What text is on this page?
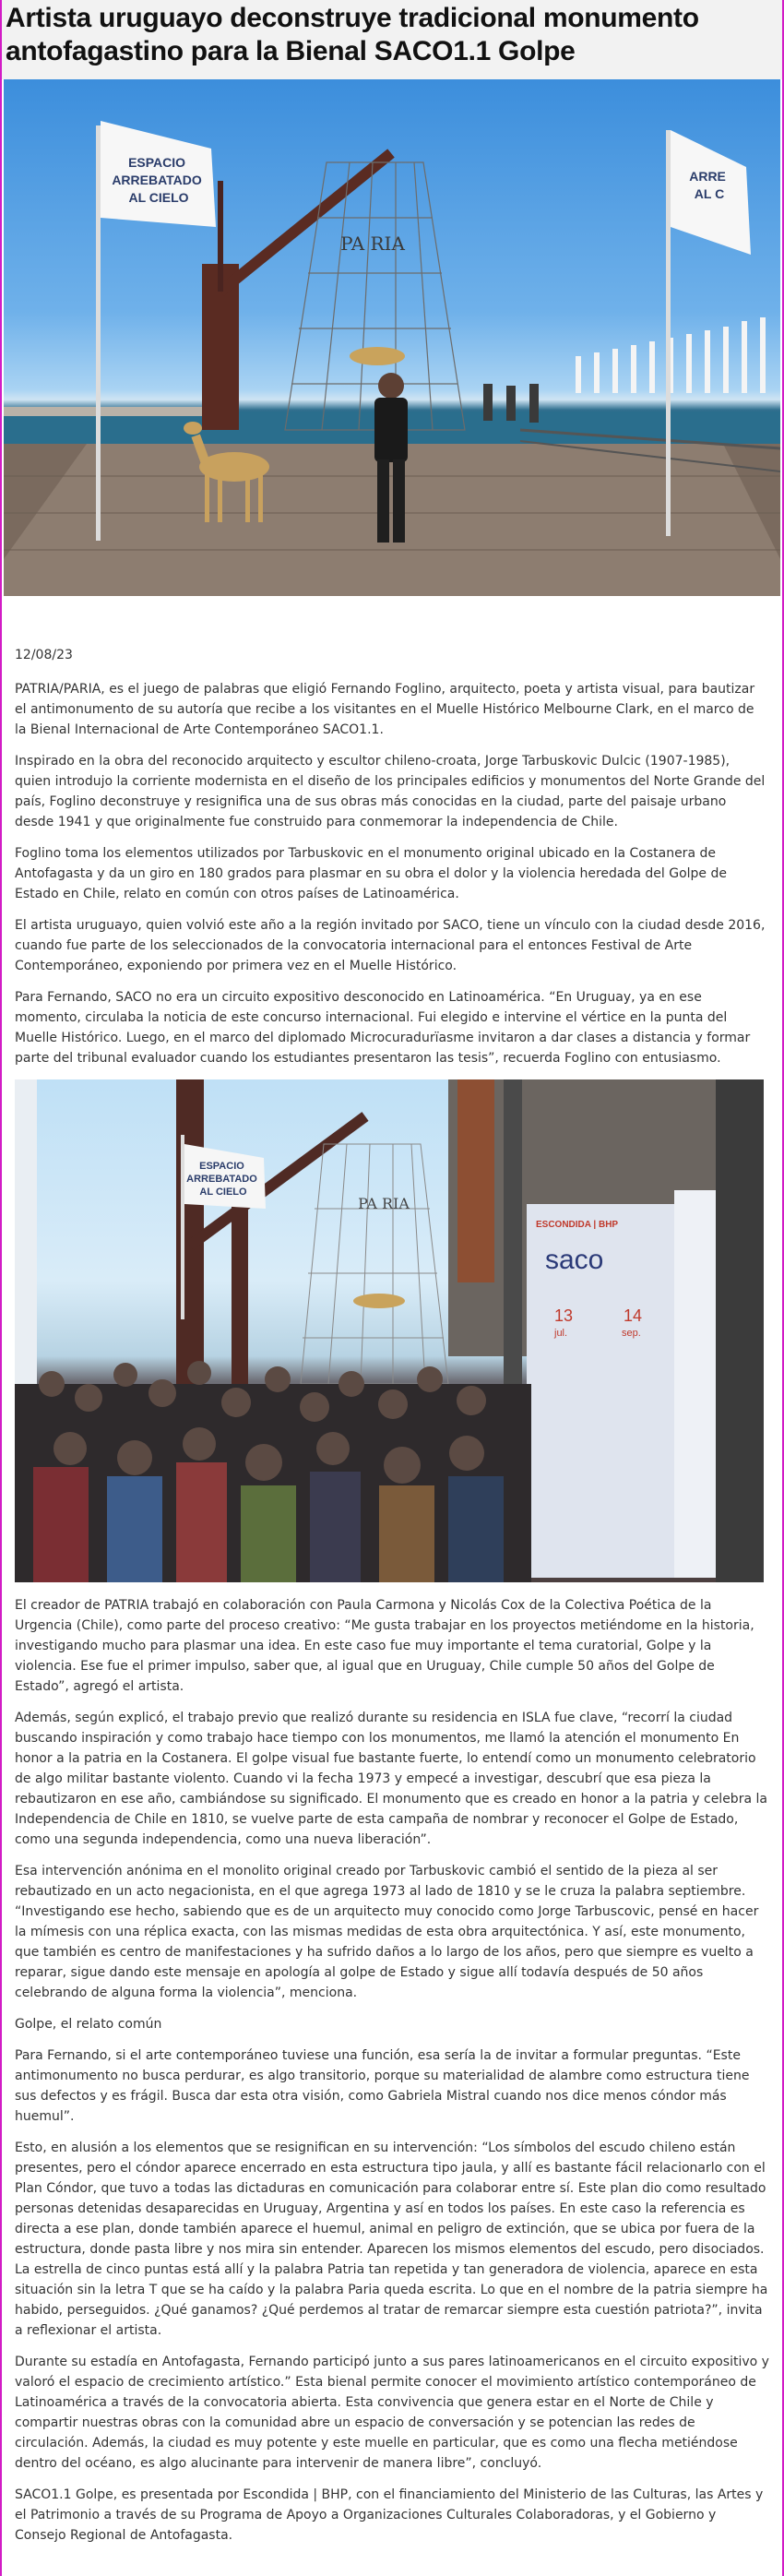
Artista uruguayo deconstruye tradicional monumento antofagastino para la Bienal SACO1.1 Golpe
PA RIA
ESPACIO ARREBATADO AL CIELO
ARRE AL C
12/08/23

PATRIA/PARIA, es el juego de palabras que eligió Fernando Foglino, arquitecto, poeta y artista visual, para bautizar el antimonumento de su autoría que recibe a los visitantes en el Muelle Histórico Melbourne Clark, en el marco de la Bienal Internacional de Arte Contemporáneo SACO1.1.

Inspirado en la obra del reconocido arquitecto y escultor chileno-croata, Jorge Tarbuskovic Dulcic (1907-1985), quien introdujo la corriente modernista en el diseño de los principales edificios y monumentos del Norte Grande del país, Foglino deconstruye y resignifica una de sus obras más conocidas en la ciudad, parte del paisaje urbano desde 1941 y que originalmente fue construido para conmemorar la independencia de Chile.

Foglino toma los elementos utilizados por Tarbuskovic en el monumento original ubicado en la Costanera de Antofagasta y da un giro en 180 grados para plasmar en su obra el dolor y la violencia heredada del Golpe de Estado en Chile, relato en común con otros países de Latinoamérica.

El artista uruguayo, quien volvió este año a la región invitado por SACO, tiene un vínculo con la ciudad desde 2016, cuando fue parte de los seleccionados de la convocatoria internacional para el entonces Festival de Arte Contemporáneo, exponiendo por primera vez en el Muelle Histórico.

Para Fernando, SACO no era un circuito expositivo desconocido en Latinoamérica. “En Uruguay, ya en ese momento, circulaba la noticia de este concurso internacional. Fui elegido e intervine el vértice en la punta del Muelle Histórico. Luego, en el marco del diplomado Microcuradurïasme invitaron a dar clases a distancia y formar parte del tribunal evaluador cuando los estudiantes presentaron las tesis”, recuerda Foglino con entusiasmo.

PA RIA
ESPACIO ARREBATADO AL CIELO
ESCONDIDA | BHP
saco
13
jul.
14
sep.

El creador de PATRIA trabajó en colaboración con Paula Carmona y Nicolás Cox de la Colectiva Poética de la Urgencia (Chile), como parte del proceso creativo: “Me gusta trabajar en los proyectos metiéndome en la historia, investigando mucho para plasmar una idea. En este caso fue muy importante el tema curatorial, Golpe y la violencia. Ese fue el primer impulso, saber que, al igual que en Uruguay, Chile cumple 50 años del Golpe de Estado”, agregó el artista.

Además, según explicó, el trabajo previo que realizó durante su residencia en ISLA fue clave, “recorrí la ciudad buscando inspiración y como trabajo hace tiempo con los monumentos, me llamó la atención el monumento En honor a la patria en la Costanera. El golpe visual fue bastante fuerte, lo entendí como un monumento celebratorio de algo militar bastante violento. Cuando vi la fecha 1973 y empecé a investigar, descubrí que esa pieza la rebautizaron en ese año, cambiándose su significado. El monumento que es creado en honor a la patria y celebra la Independencia de Chile en 1810, se vuelve parte de esta campaña de nombrar y reconocer el Golpe de Estado, como una segunda independencia, como una nueva liberación”.

Esa intervención anónima en el monolito original creado por Tarbuskovic cambió el sentido de la pieza al ser rebautizado en un acto negacionista, en el que agrega 1973 al lado de 1810 y se le cruza la palabra septiembre. “Investigando ese hecho, sabiendo que es de un arquitecto muy conocido como Jorge Tarbuscovic, pensé en hacer la mímesis con una réplica exacta, con las mismas medidas de esta obra arquitectónica. Y así, este monumento, que también es centro de manifestaciones y ha sufrido daños a lo largo de los años, pero que siempre es vuelto a reparar, sigue dando este mensaje en apología al golpe de Estado y sigue allí todavía después de 50 años celebrando de alguna forma la violencia”, menciona.

Golpe, el relato común

Para Fernando, si el arte contemporáneo tuviese una función, esa sería la de invitar a formular preguntas. “Este antimonumento no busca perdurar, es algo transitorio, porque su materialidad de alambre como estructura tiene sus defectos y es frágil. Busca dar esta otra visión, como Gabriela Mistral cuando nos dice menos cóndor más huemul”.

Esto, en alusión a los elementos que se resignifican en su intervención: “Los símbolos del escudo chileno están presentes, pero el cóndor aparece encerrado en esta estructura tipo jaula, y allí es bastante fácil relacionarlo con el Plan Cóndor, que tuvo a todas las dictaduras en comunicación para colaborar entre sí. Este plan dio como resultado personas detenidas desaparecidas en Uruguay, Argentina y así en todos los países. En este caso la referencia es directa a ese plan, donde también aparece el huemul, animal en peligro de extinción, que se ubica por fuera de la estructura, donde pasta libre y nos mira sin entender. Aparecen los mismos elementos del escudo, pero disociados. La estrella de cinco puntas está allí y la palabra Patria tan repetida y tan generadora de violencia, aparece en esta situación sin la letra T que se ha caído y la palabra Paria queda escrita. Lo que en el nombre de la patria siempre ha habido, perseguidos. ¿Qué ganamos? ¿Qué perdemos al tratar de remarcar siempre esta cuestión patriota?”, invita a reflexionar el artista.

Durante su estadía en Antofagasta, Fernando participó junto a sus pares latinoamericanos en el circuito expositivo y valoró el espacio de crecimiento artístico.” Esta bienal permite conocer el movimiento artístico contemporáneo de Latinoamérica a través de la convocatoria abierta. Esta convivencia que genera estar en el Norte de Chile y compartir nuestras obras con la comunidad abre un espacio de conversación y se potencian las redes de circulación. Además, la ciudad es muy potente y este muelle en particular, que es como una flecha metiéndose dentro del océano, es algo alucinante para intervenir de manera libre”, concluyó.

SACO1.1 Golpe, es presentada por Escondida | BHP, con el financiamiento del Ministerio de las Culturas, las Artes y el Patrimonio a través de su Programa de Apoyo a Organizaciones Culturales Colaboradoras, y el Gobierno y Consejo Regional de Antofagasta.
